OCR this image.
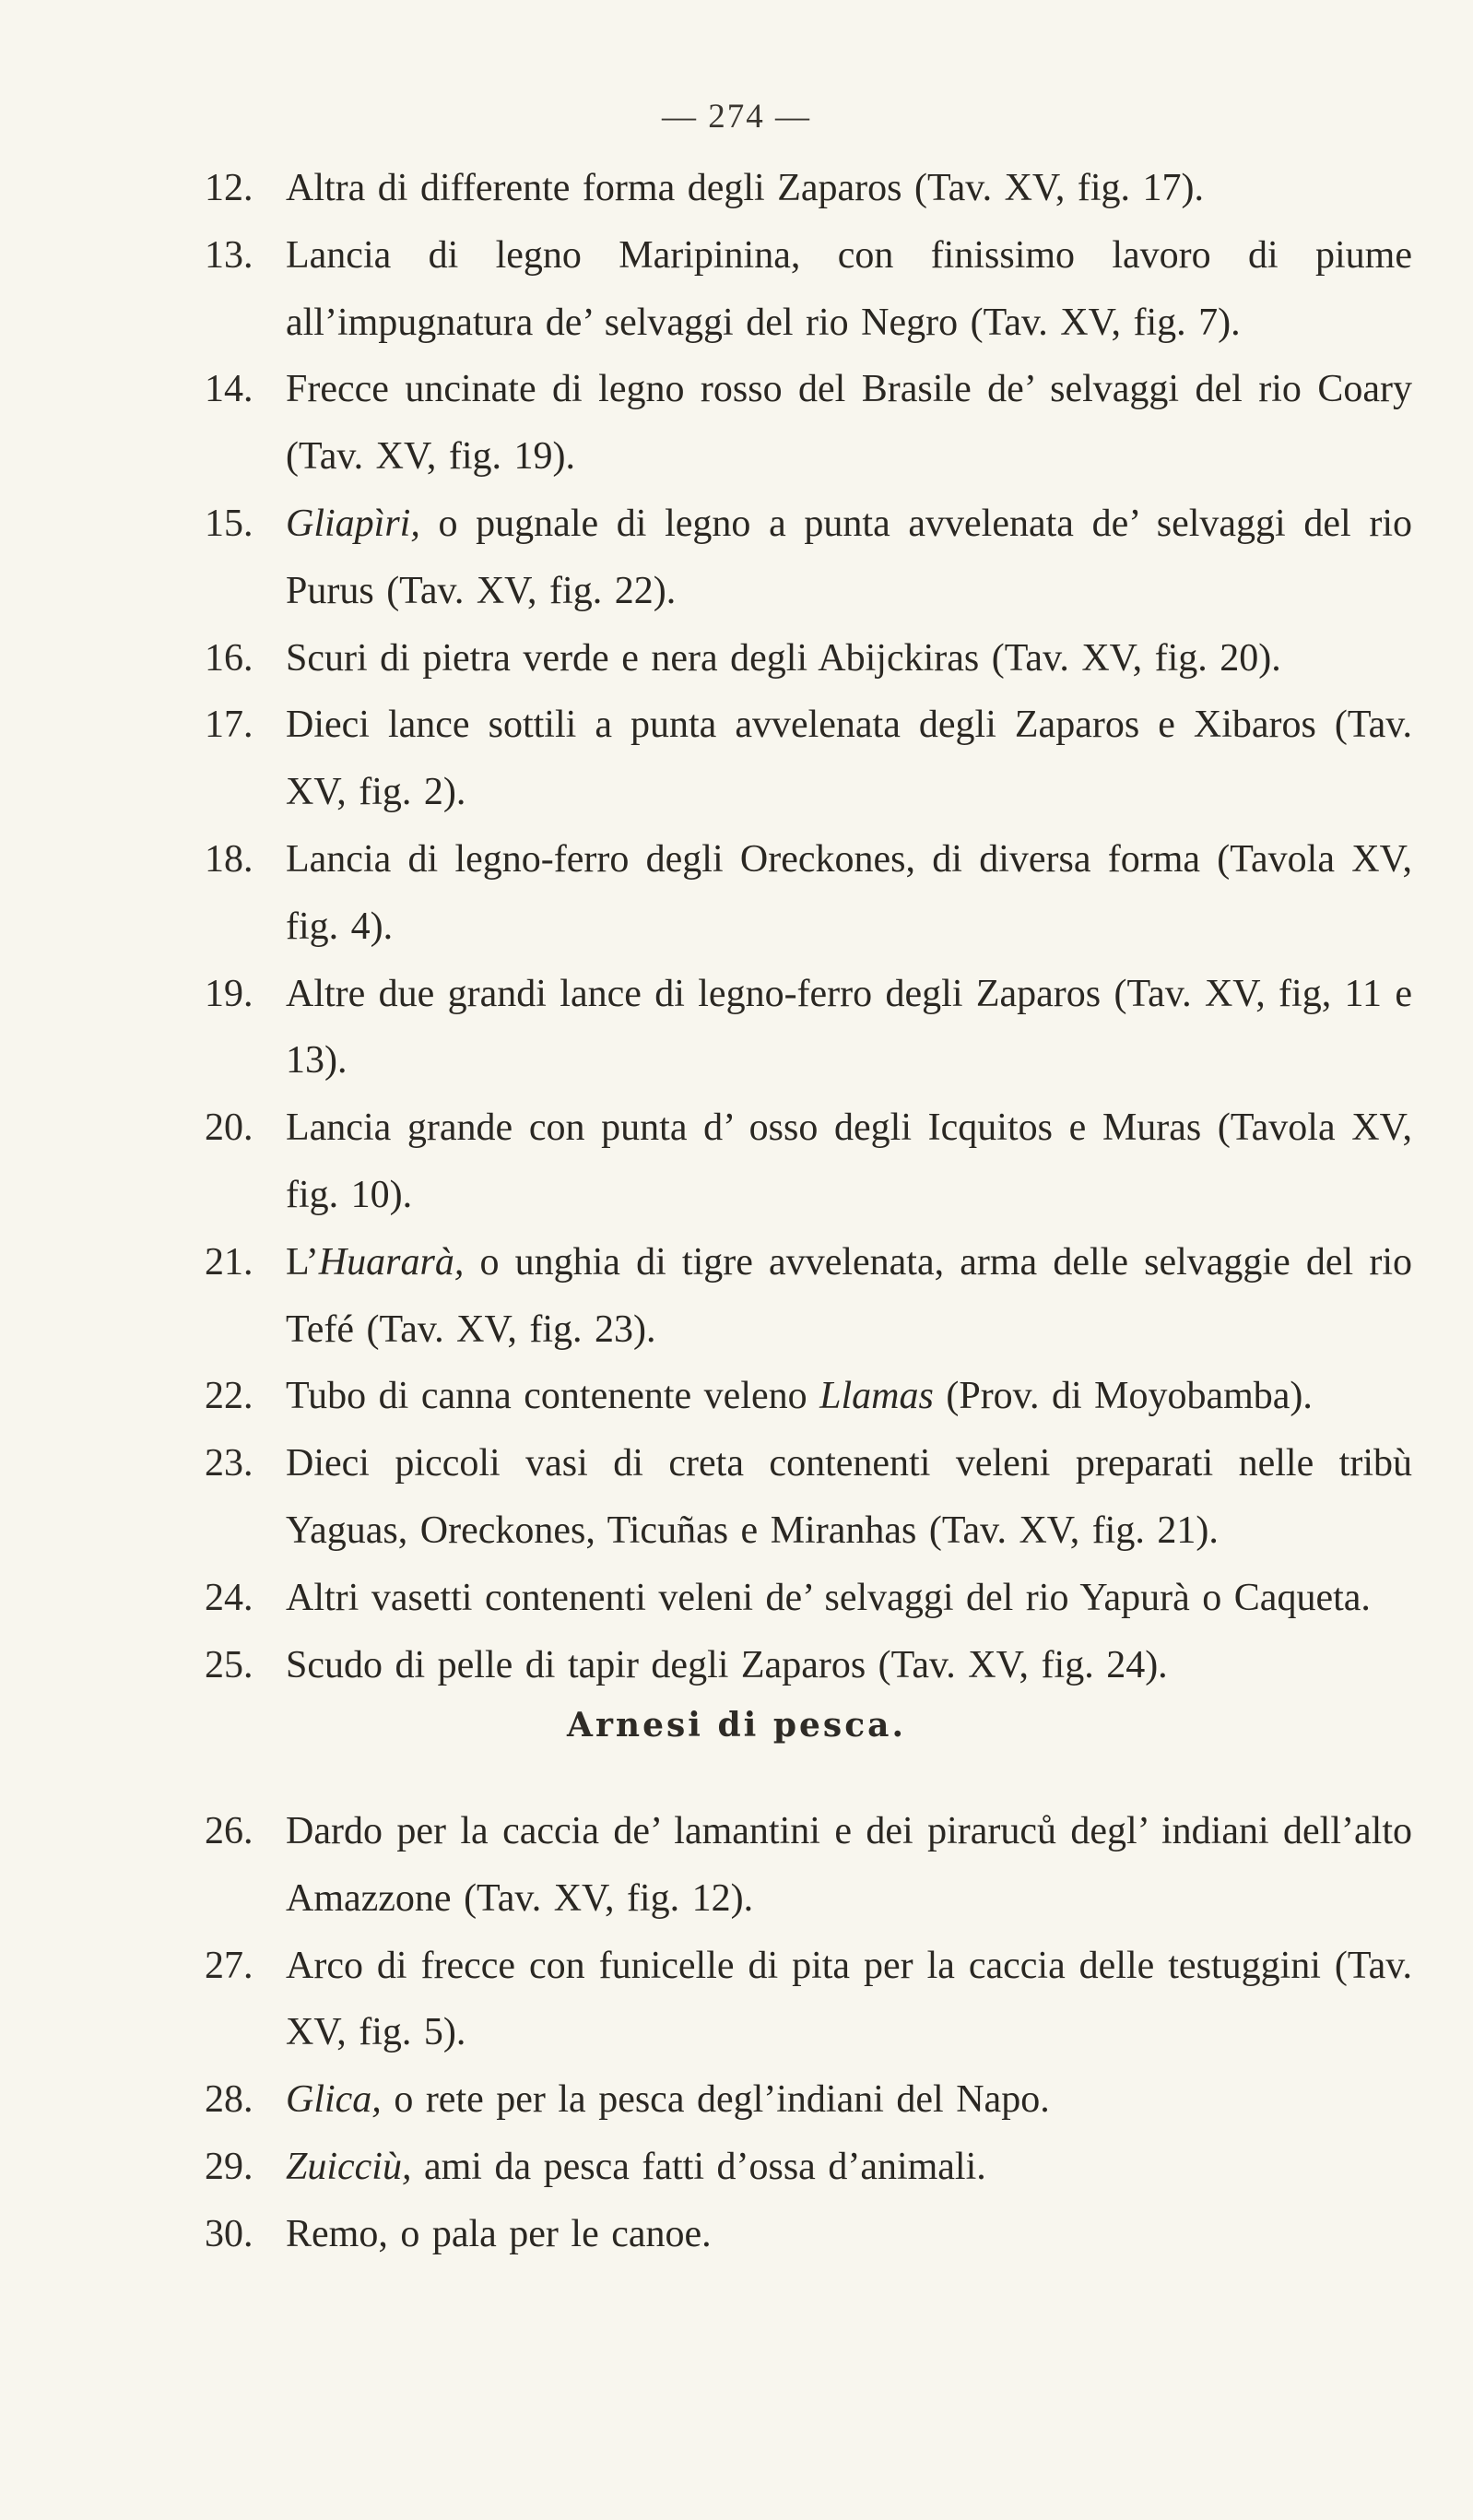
— 274 —
12. Altra di differente forma degli Zaparos (Tav. XV, fig. 17).
13. Lancia di legno Maripinina, con finissimo lavoro di piume all’impugnatura de’ selvaggi del rio Negro (Tav. XV, fig. 7).
14. Frecce uncinate di legno rosso del Brasile de’ selvaggi del rio Coary (Tav. XV, fig. 19).
15. Gliapìri, o pugnale di legno a punta avvelenata de’ selvaggi del rio Purus (Tav. XV, fig. 22).
16. Scuri di pietra verde e nera degli Abijckiras (Tav. XV, fig. 20).
17. Dieci lance sottili a punta avvelenata degli Zaparos e Xibaros (Tav. XV, fig. 2).
18. Lancia di legno-ferro degli Oreckones, di diversa forma (Tavola XV, fig. 4).
19. Altre due grandi lance di legno-ferro degli Zaparos (Tav. XV, fig, 11 e 13).
20. Lancia grande con punta d’ osso degli Icquitos e Muras (Tavola XV, fig. 10).
21. L’Huararà, o unghia di tigre avvelenata, arma delle selvaggie del rio Tefé (Tav. XV, fig. 23).
22. Tubo di canna contenente veleno Llamas (Prov. di Moyobamba).
23. Dieci piccoli vasi di creta contenenti veleni preparati nelle tribù Yaguas, Oreckones, Ticuñas e Miranhas (Tav. XV, fig. 21).
24. Altri vasetti contenenti veleni de’ selvaggi del rio Yapurà o Caqueta.
25. Scudo di pelle di tapir degli Zaparos (Tav. XV, fig. 24).
Arnesi di pesca.
26. Dardo per la caccia de’ lamantini e dei piraruců degl’ indiani dell’alto Amazzone (Tav. XV, fig. 12).
27. Arco di frecce con funicelle di pita per la caccia delle testuggini (Tav. XV, fig. 5).
28. Glica, o rete per la pesca degl’indiani del Napo.
29. Zuicciù, ami da pesca fatti d’ossa d’animali.
30. Remo, o pala per le canoe.
